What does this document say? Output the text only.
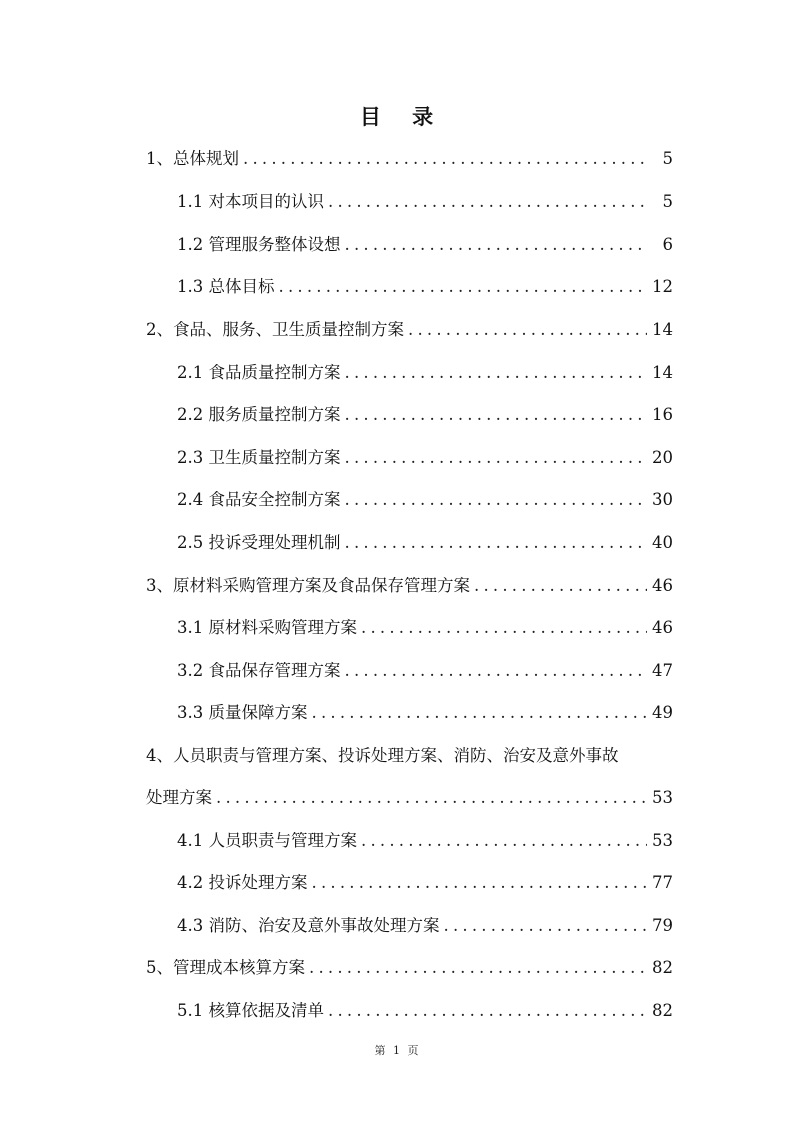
目 录
1、总体规划 .....	5
1.1 对本项目的认识 .....	5
1.2 管理服务整体设想 .....	6
1.3 总体目标 .....	12
2、食品、服务、卫生质量控制方案 .....	14
2.1 食品质量控制方案 .....	14
2.2 服务质量控制方案 .....	16
2.3 卫生质量控制方案 .....	20
2.4 食品安全控制方案 .....	30
2.5 投诉受理处理机制 .....	40
3、原材料采购管理方案及食品保存管理方案 .....	46
3.1 原材料采购管理方案 .....	46
3.2 食品保存管理方案 .....	47
3.3 质量保障方案 .....	49
4、人员职责与管理方案、投诉处理方案、消防、治安及意外事故
处理方案 .....	53
4.1 人员职责与管理方案 .....	53
4.2 投诉处理方案 .....	77
4.3 消防、治安及意外事故处理方案 .....	79
5、管理成本核算方案 .....	82
5.1 核算依据及清单 .....	82
第 1 页
